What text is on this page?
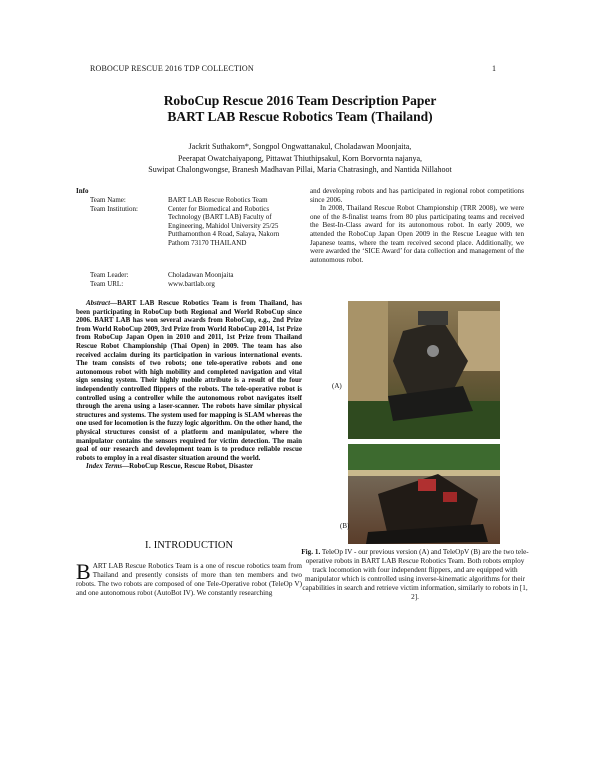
ROBOCUP RESCUE 2016 TDP COLLECTION	1
RoboCup Rescue 2016 Team Description Paper
BART LAB Rescue Robotics Team (Thailand)
Jackrit Suthakorn*, Songpol Ongwattanakul, Choladawan Moonjaita,
Peerapat Owatchaiyapong, Pittawat Thiuthipsakul, Korn Borvornta najanya,
Suwipat Chalongwongse, Branesh Madhavan Pillai, Maria Chatrasingh, and Nantida Nillahoot
Info
Team Name:	BART LAB Rescue Robotics Team
Team Institution:	Center for Biomedical and Robotics Technology (BART LAB) Faculty of Engineering, Mahidol University 25/25 Putthamonthon 4 Road, Salaya, Nakorn Pathom 73170 THAILAND
Team Leader:	Choladawan Moonjaita
Team URL:	www.bartlab.org

Abstract—BART LAB Rescue Robotics Team is from Thailand, has been participating in RoboCup both Regional and World RoboCup since 2006. BART LAB has won several awards from RoboCup, e.g., 2nd Prize from World RoboCup 2009, 3rd Prize from World RoboCup 2014, 1st Prize from RoboCup Japan Open in 2010 and 2011, 1st Prize from Thailand Rescue Robot Championship (Thai Open) in 2009. The team has also received acclaim during its participation in various international events. The team consists of two robots; one tele-operative robots and one autonomous robot with high mobility and completed navigation and vital sign sensing system. Their highly mobile attribute is a result of the four independently controlled flippers of the robots. The tele-operative robot is controlled using a controller while the autonomous robot navigates itself through the arena using a laser-scanner. The robots have similar physical structures and systems. The system used for mapping is SLAM whereas the one used for locomotion is the fuzzy logic algorithm. On the other hand, the physical structures consist of a platform and manipulator, where the manipulator contains the sensors required for victim detection. The main goal of our research and development team is to produce reliable rescue robots to employ in a real disaster situation around the world.

Index Terms—RoboCup Rescue, Rescue Robot, Disaster

I. INTRODUCTION
BART LAB Rescue Robotics Team is a one of rescue robotics team from Thailand and presently consists of more than ten members and two robots. The two robots are composed of one Tele-Operative robot (TeleOp V) and one autonomous robot (AutoBot IV). We constantly researching

and developing robots and has participated in regional robot competitions since 2006.

In 2008, Thailand Rescue Robot Championship (TRR 2008), we were one of the 8-finalist teams from 80 plus participating teams and received the Best-In-Class award for its autonomous robot. In early 2009, we attended the RoboCup Japan Open 2009 in the Rescue League with ten Japanese teams, where the team received second place. Additionally, we were awarded the ‘SICE Award’ for data collection and management of the autonomous robot.

(A)
(B)
Fig. 1. TeleOp IV - our previous version (A) and TeleOpV (B) are the two tele-operative robots in BART LAB Rescue Robotics Team. Both robots employ track locomotion with four independent flippers, and are equipped with manipulator which is controlled using inverse-kinematic algorithms for their capabilities in search and retrieve victim information, similarly to robots in [1, 2].
